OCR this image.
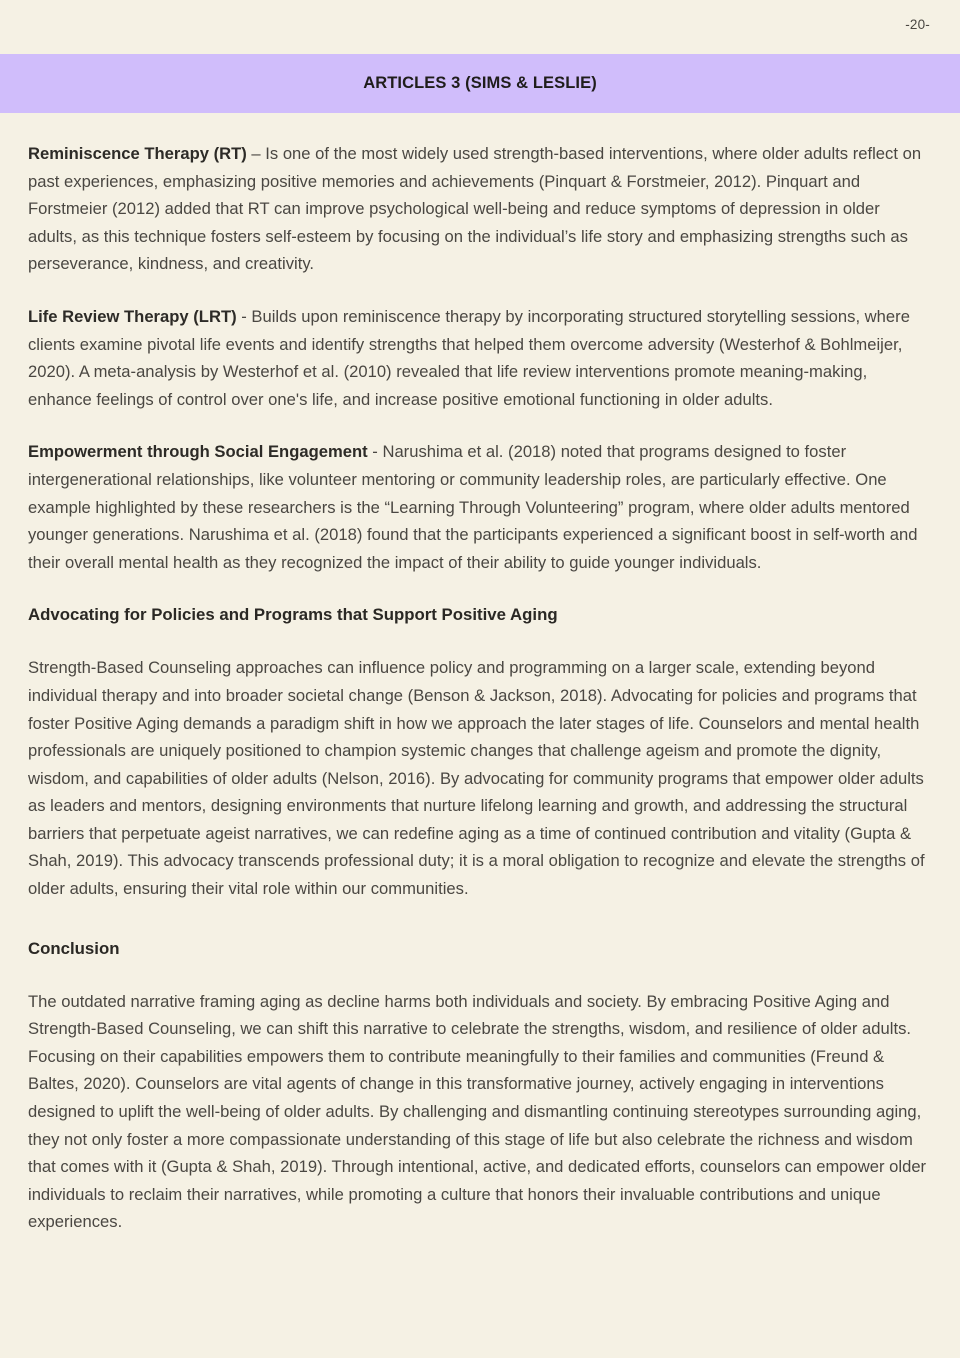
-20-
ARTICLES 3 (SIMS & LESLIE)

Reminiscence Therapy (RT) – Is one of the most widely used strength-based interventions, where older adults reflect on past experiences, emphasizing positive memories and achievements (Pinquart & Forstmeier, 2012). Pinquart and Forstmeier (2012) added that RT can improve psychological well-being and reduce symptoms of depression in older adults, as this technique fosters self-esteem by focusing on the individual’s life story and emphasizing strengths such as perseverance, kindness, and creativity.

Life Review Therapy (LRT) - Builds upon reminiscence therapy by incorporating structured storytelling sessions, where clients examine pivotal life events and identify strengths that helped them overcome adversity (Westerhof & Bohlmeijer, 2020). A meta-analysis by Westerhof et al. (2010) revealed that life review interventions promote meaning-making, enhance feelings of control over one's life, and increase positive emotional functioning in older adults.

Empowerment through Social Engagement - Narushima et al. (2018) noted that programs designed to foster intergenerational relationships, like volunteer mentoring or community leadership roles, are particularly effective. One example highlighted by these researchers is the “Learning Through Volunteering” program, where older adults mentored younger generations. Narushima et al. (2018) found that the participants experienced a significant boost in self-worth and their overall mental health as they recognized the impact of their ability to guide younger individuals.

Advocating for Policies and Programs that Support Positive Aging

Strength-Based Counseling approaches can influence policy and programming on a larger scale, extending beyond individual therapy and into broader societal change (Benson & Jackson, 2018). Advocating for policies and programs that foster Positive Aging demands a paradigm shift in how we approach the later stages of life. Counselors and mental health professionals are uniquely positioned to champion systemic changes that challenge ageism and promote the dignity, wisdom, and capabilities of older adults (Nelson, 2016). By advocating for community programs that empower older adults as leaders and mentors, designing environments that nurture lifelong learning and growth, and addressing the structural barriers that perpetuate ageist narratives, we can redefine aging as a time of continued contribution and vitality (Gupta & Shah, 2019). This advocacy transcends professional duty; it is a moral obligation to recognize and elevate the strengths of older adults, ensuring their vital role within our communities.

Conclusion

The outdated narrative framing aging as decline harms both individuals and society. By embracing Positive Aging and Strength-Based Counseling, we can shift this narrative to celebrate the strengths, wisdom, and resilience of older adults. Focusing on their capabilities empowers them to contribute meaningfully to their families and communities (Freund & Baltes, 2020). Counselors are vital agents of change in this transformative journey, actively engaging in interventions designed to uplift the well-being of older adults. By challenging and dismantling continuing stereotypes surrounding aging, they not only foster a more compassionate understanding of this stage of life but also celebrate the richness and wisdom that comes with it (Gupta & Shah, 2019). Through intentional, active, and dedicated efforts, counselors can empower older individuals to reclaim their narratives, while promoting a culture that honors their invaluable contributions and unique experiences.
